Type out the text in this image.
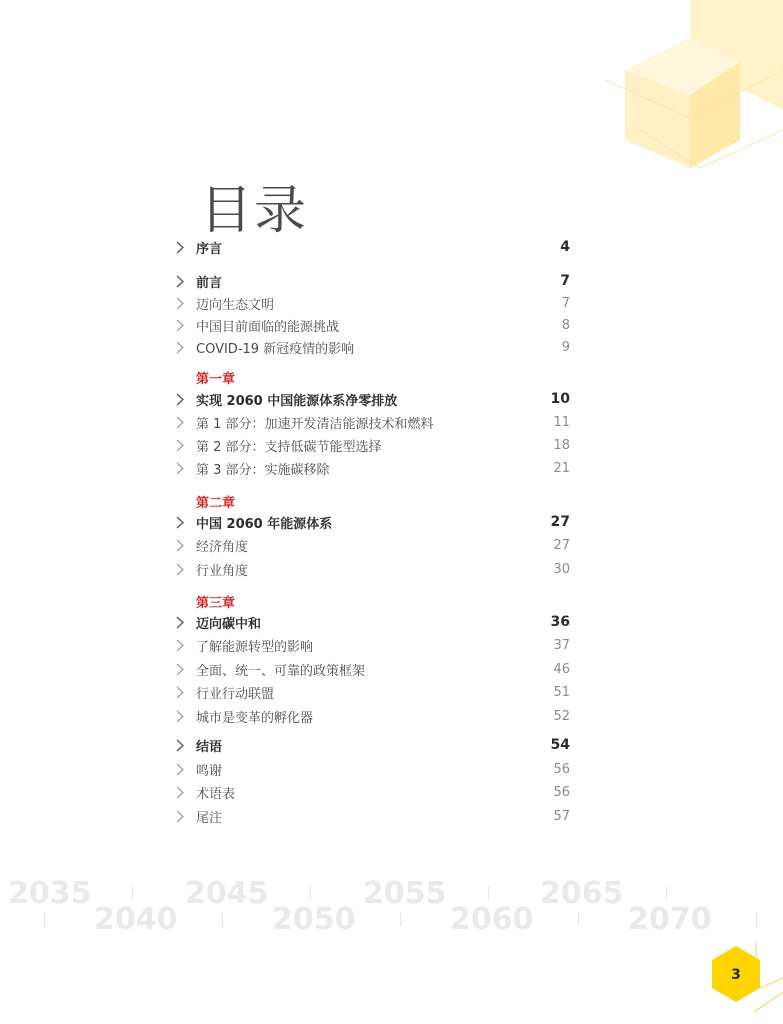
目录
序言	4
前言	7
迈向生态文明	7
中国目前面临的能源挑战	8
COVID-19 新冠疫情的影响	9
第一章
实现 2060 中国能源体系净零排放	10
第 1 部分：加速开发清洁能源技术和燃料	11
第 2 部分：支持低碳节能型选择	18
第 3 部分：实施碳移除	21
第二章
中国 2060 年能源体系	27
经济角度	27
行业角度	30
第三章
迈向碳中和	36
了解能源转型的影响	37
全面、统一、可靠的政策框架	46
行业行动联盟	51
城市是变革的孵化器	52
结语	54
鸣谢	56
术语表	56
尾注	57
2035
2040
2045
2050
2055
2060
2065
2070
3
